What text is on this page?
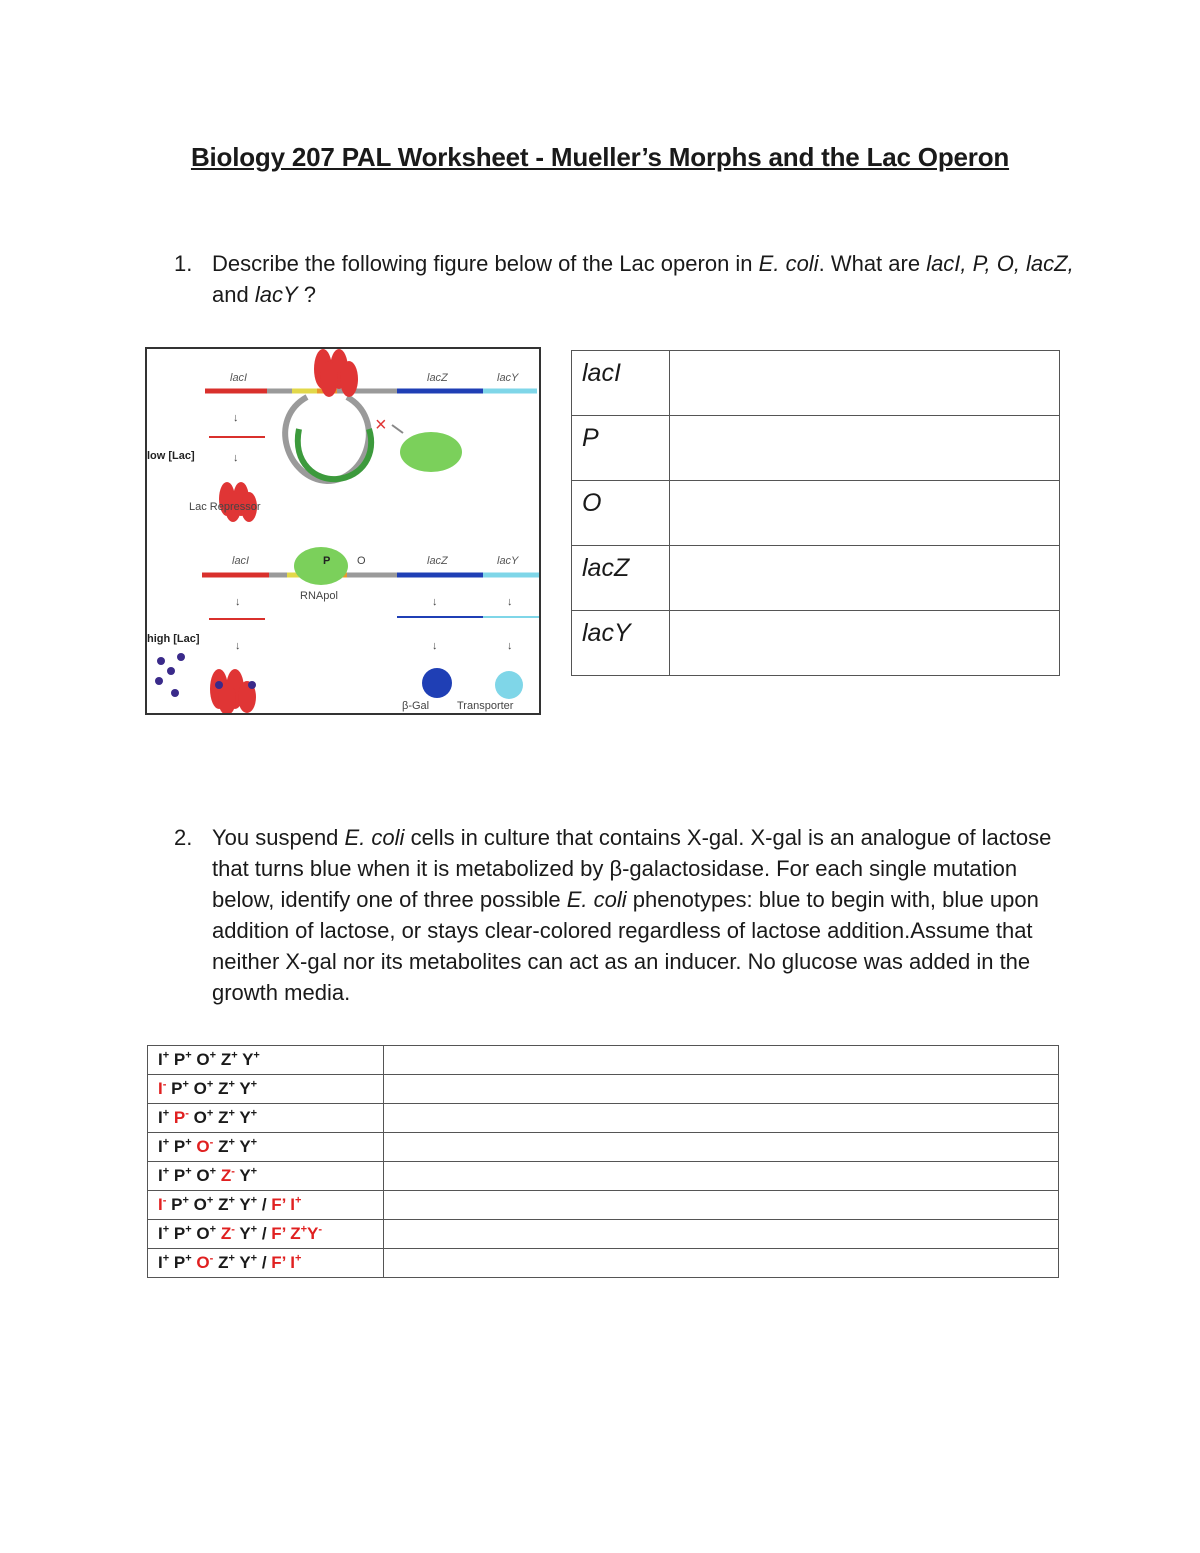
Biology 207 PAL Worksheet - Mueller’s Morphs and the Lac Operon
1. Describe the following figure below of the Lac operon in E. coli. What are lacI, P, O, lacZ, and lacY ?
×
lacI	lacZ	lacY
↓
↓
low [Lac]
Lac Repressor
lacI	P O	lacZ	lacY
RNApol
↓	↓	↓
high [Lac]
↓	↓	↓
β-Gal	Transporter
lacI	
P	
O	
lacZ	
lacY	
2. You suspend E. coli cells in culture that contains X-gal. X-gal is an analogue of lactose that turns blue when it is metabolized by β-galactosidase. For each single mutation below, identify one of three possible E. coli phenotypes: blue to begin with, blue upon addition of lactose, or stays clear-colored regardless of lactose addition.Assume that neither X-gal nor its metabolites can act as an inducer. No glucose was added in the growth media.
I+ P+ O+ Z+ Y+	
I- P+ O+ Z+ Y+	
I+ P- O+ Z+ Y+	
I+ P+ O- Z+ Y+	
I+ P+ O+ Z- Y+	
I- P+ O+ Z+ Y+ / F’ I+	
I+ P+ O+ Z- Y+ / F’ Z+Y-	
I+ P+ O- Z+ Y+ / F’ I+	
